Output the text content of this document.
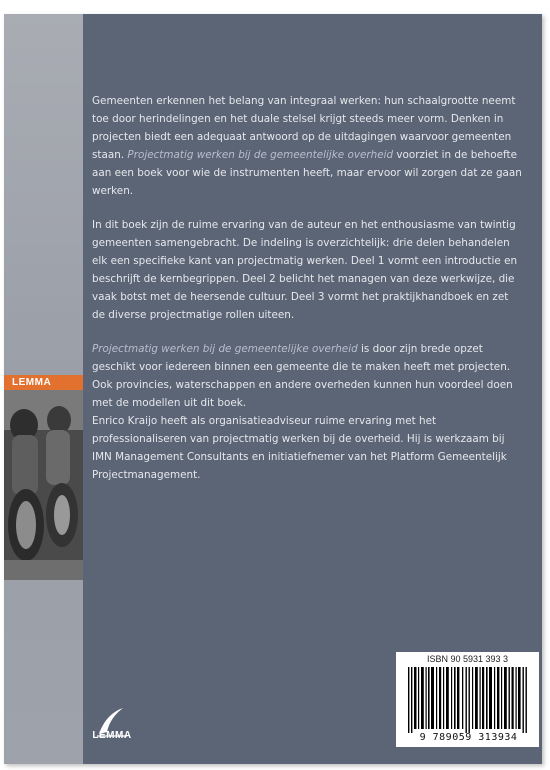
LEMMA

Gemeenten erkennen het belang van integraal werken: hun schaalgrootte neemt toe door herindelingen en het duale stelsel krijgt steeds meer vorm. Denken in projecten biedt een adequaat antwoord op de uitdagingen waarvoor gemeenten staan. Projectmatig werken bij de gemeentelijke overheid voorziet in de behoefte aan een boek voor wie de instrumenten heeft, maar ervoor wil zorgen dat ze gaan werken.

In dit boek zijn de ruime ervaring van de auteur en het enthousiasme van twintig gemeenten samengebracht. De indeling is overzichtelijk: drie delen behandelen elk een specifieke kant van projectmatig werken. Deel 1 vormt een introductie en beschrijft de kernbegrippen. Deel 2 belicht het managen van deze werkwijze, die vaak botst met de heersende cultuur. Deel 3 vormt het praktijkhandboek en zet de diverse projectmatige rollen uiteen.

Projectmatig werken bij de gemeentelijke overheid is door zijn brede opzet geschikt voor iedereen binnen een gemeente die te maken heeft met projecten. Ook provincies, waterschappen en andere overheden kunnen hun voordeel doen met de modellen uit dit boek.

Enrico Kraijo heeft als organisatieadviseur ruime ervaring met het professionaliseren van projectmatig werken bij de overheid. Hij is werkzaam bij IMN Management Consultants en initiatiefnemer van het Platform Gemeentelijk Projectmanagement.

ISBN 90 5931 393 3
9 789059 313934
LEMMA
